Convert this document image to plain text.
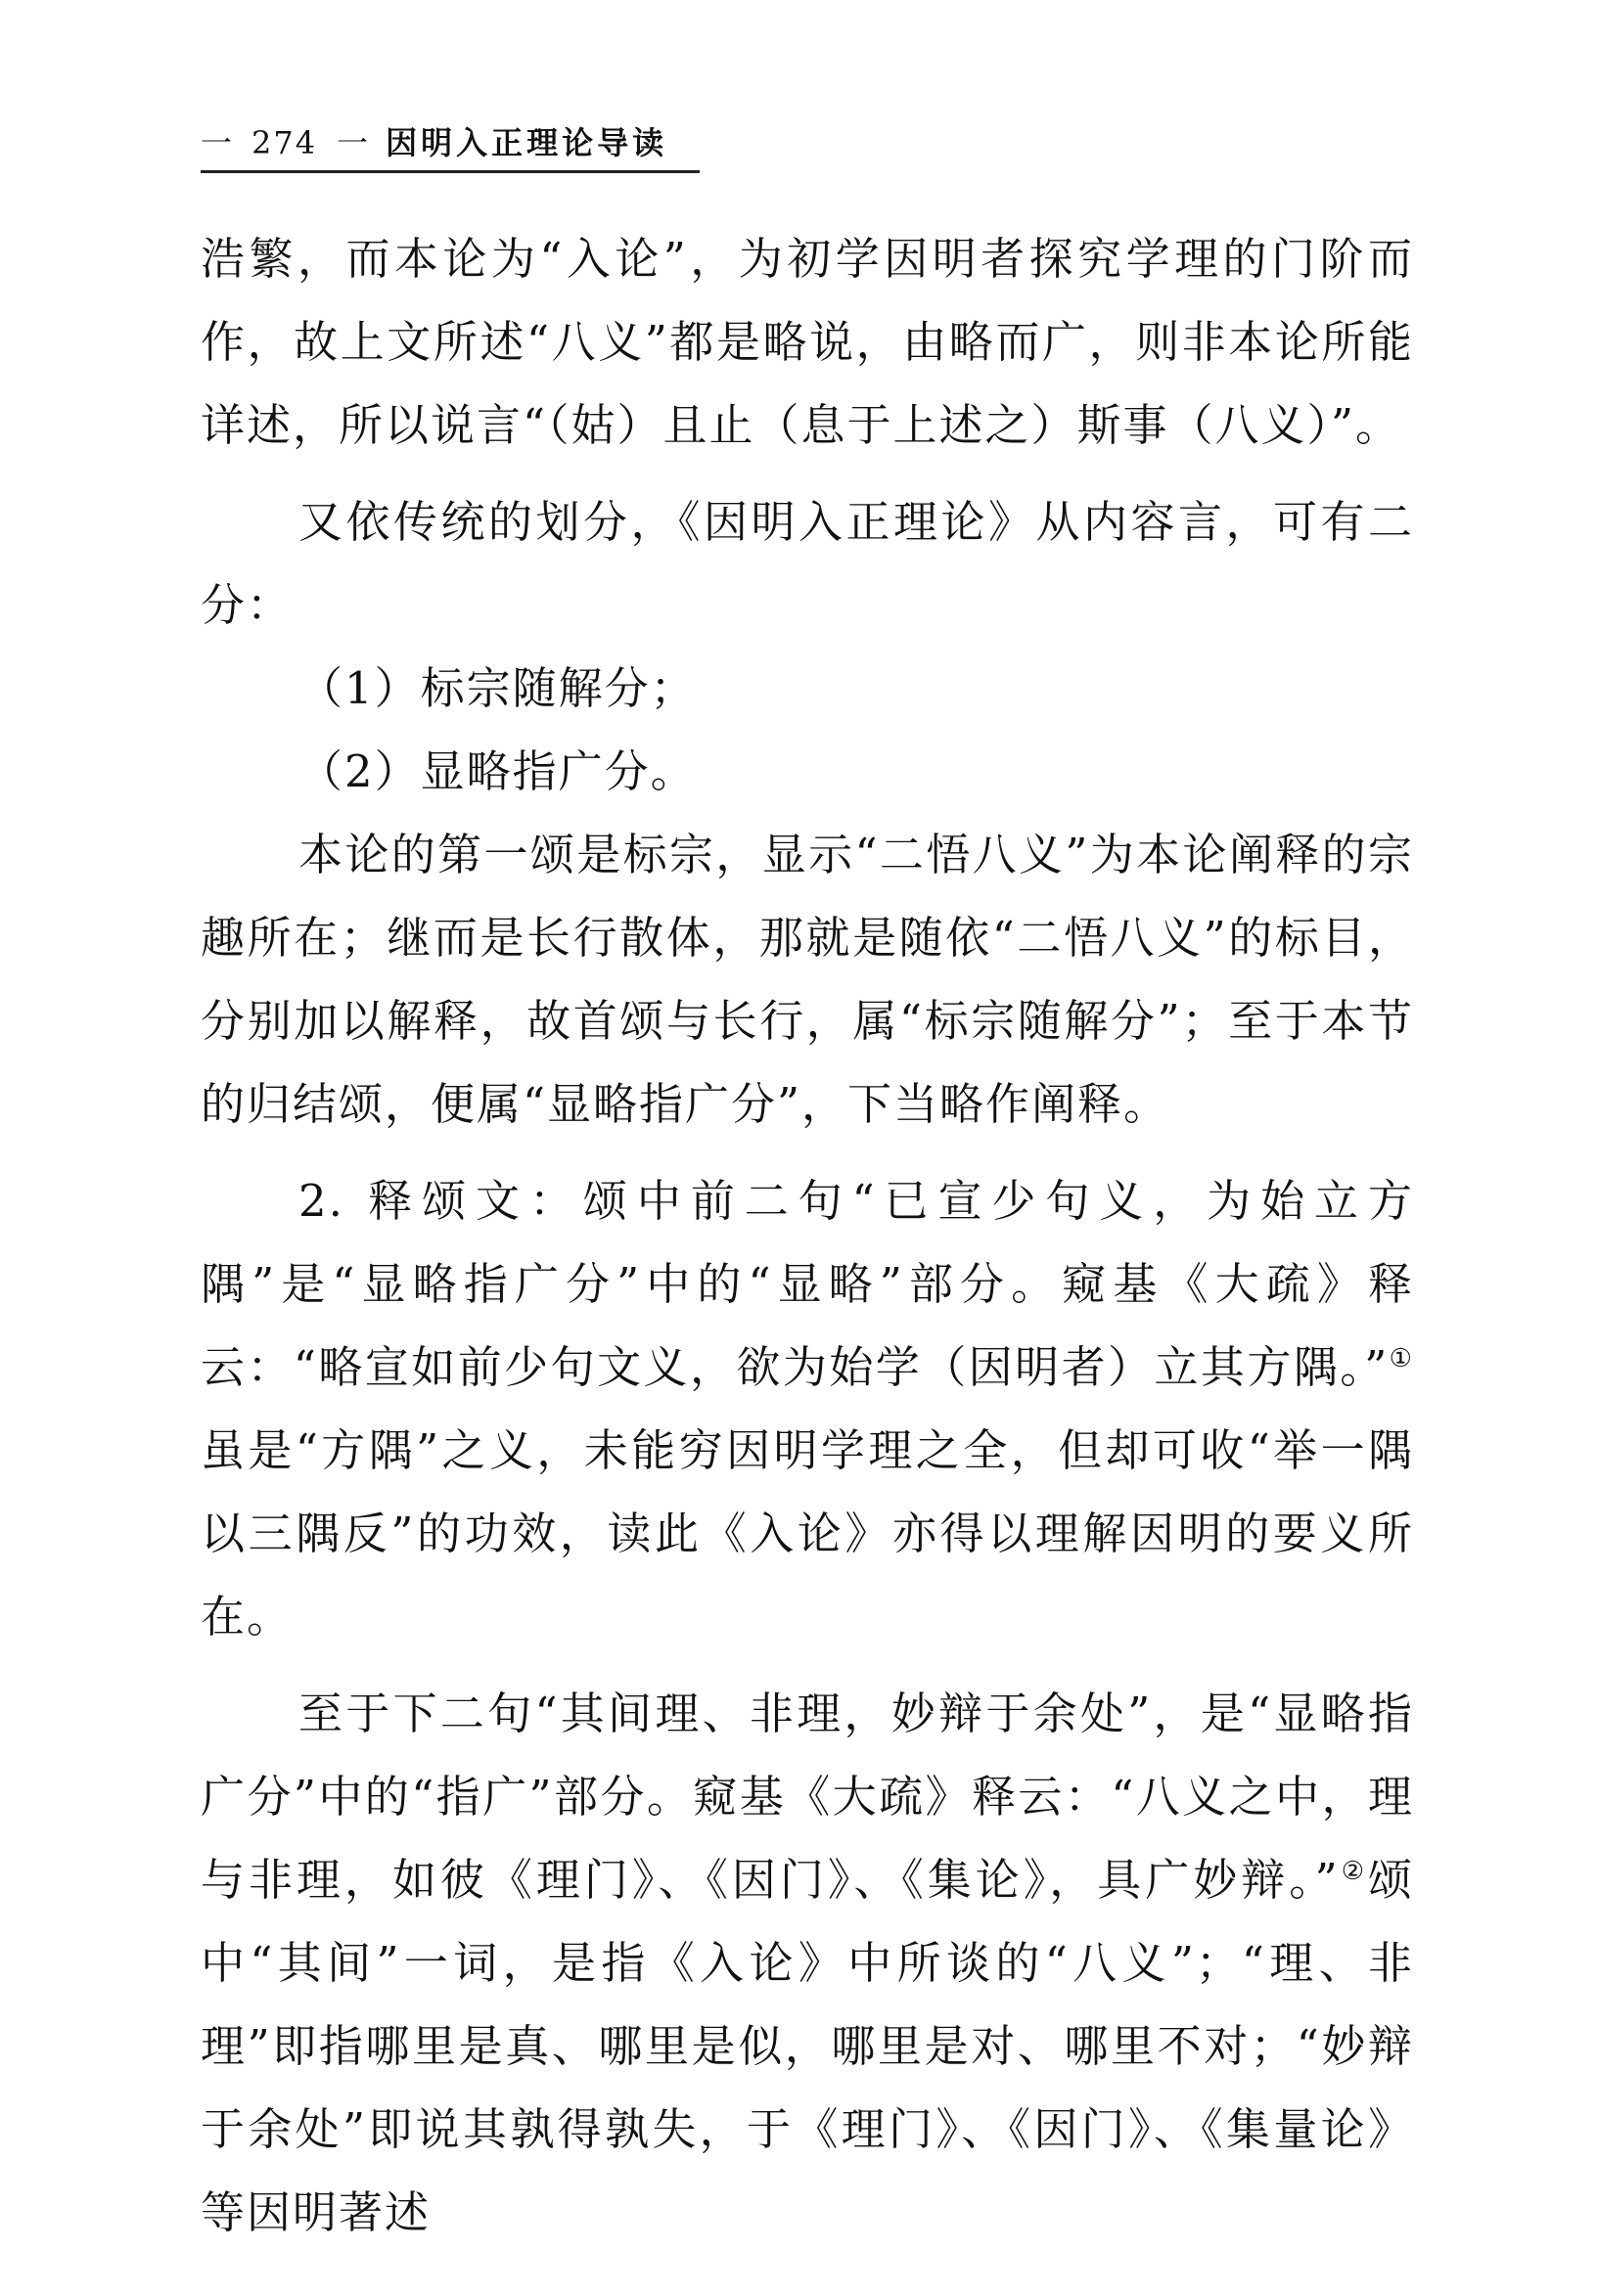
一 274 一 因明入正理论导读

浩繁，而本论为“入论”，为初学因明者探究学理的门阶而作，故上文所述“八义”都是略说，由略而广，则非本论所能详述，所以说言“（姑）且止（息于上述之）斯事（八义）”。

又依传统的划分，《因明入正理论》从内容言，可有二分：

（1）标宗随解分；

（2）显略指广分。

本论的第一颂是标宗，显示“二悟八义”为本论阐释的宗趣所在；继而是长行散体，那就是随依“二悟八义”的标目，分别加以解释，故首颂与长行，属“标宗随解分”；至于本节的归结颂，便属“显略指广分”，下当略作阐释。

2. 释颂文：颂中前二句“已宣少句义，为始立方隅”是“显略指广分”中的“显略”部分。窥基《大疏》释云：“略宣如前少句文义，欲为始学（因明者）立其方隅。”①虽是“方隅”之义，未能穷因明学理之全，但却可收“举一隅以三隅反”的功效，读此《入论》亦得以理解因明的要义所在。

至于下二句“其间理、非理，妙辩于余处”，是“显略指广分”中的“指广”部分。窥基《大疏》释云：“八义之中，理与非理，如彼《理门》、《因门》、《集论》，具广妙辩。”②颂中“其间”一词，是指《入论》中所谈的“八义”；“理、非理”即指哪里是真、哪里是似，哪里是对、哪里不对；“妙辩于余处”即说其孰得孰失，于《理门》、《因门》、《集量论》等因明著述
